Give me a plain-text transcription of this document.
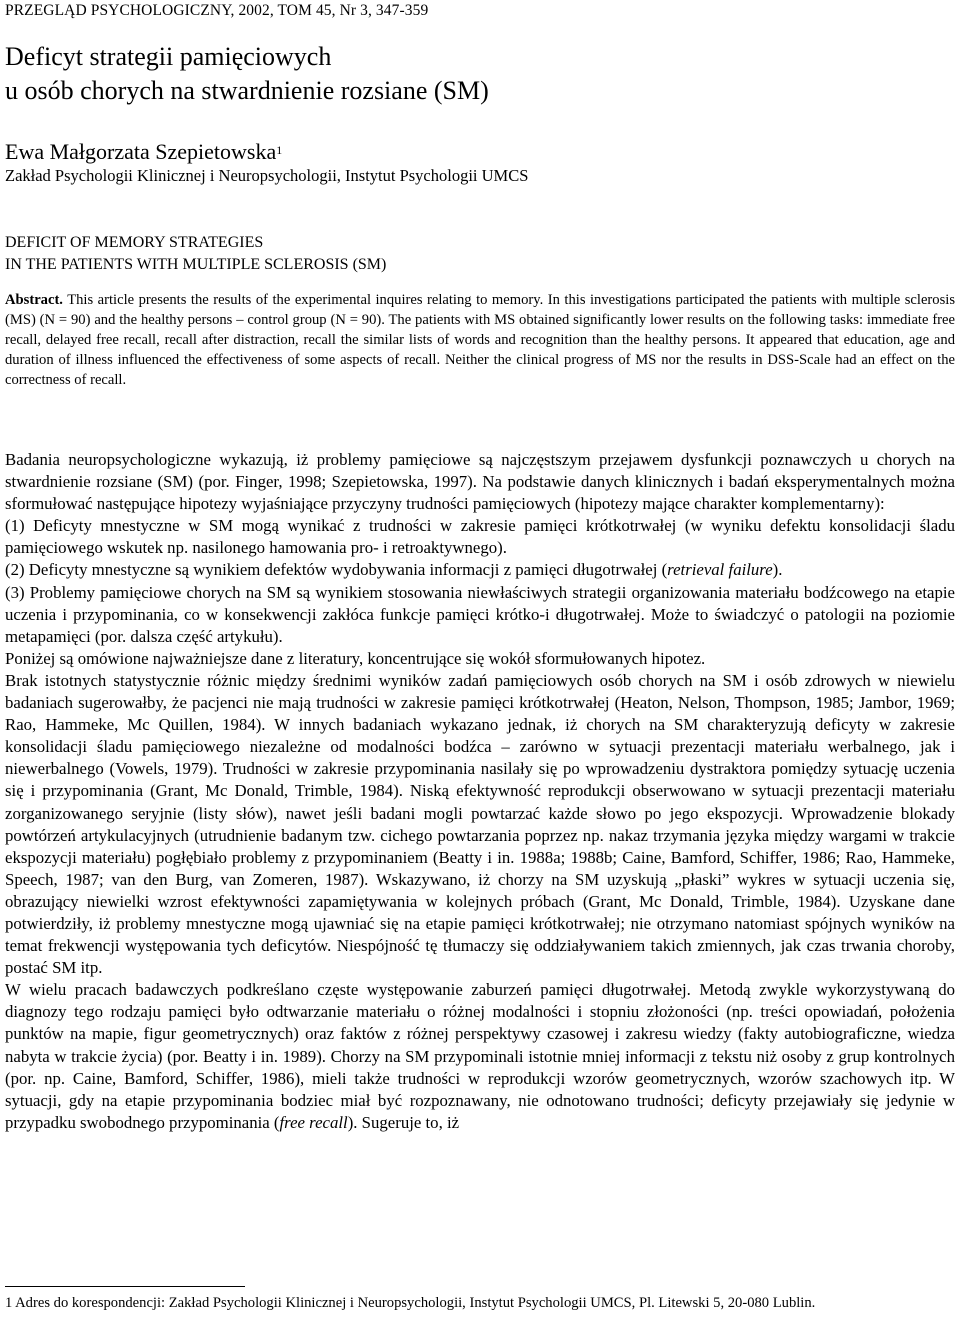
PRZEGLĄD PSYCHOLOGICZNY, 2002, TOM 45, Nr 3, 347-359
Deficyt strategii pamięciowych
u osób chorych na stwardnienie rozsiane (SM)
Ewa Małgorzata Szepietowska$^1$
Zakład Psychologii Klinicznej i Neuropsychologii, Instytut Psychologii UMCS
DEFICIT OF MEMORY STRATEGIES
IN THE PATIENTS WITH MULTIPLE SCLEROSIS (SM)
Abstract. This article presents the results of the experimental inquires relating to memory. In this investigations participated the patients with multiple sclerosis (MS) (N = 90) and the healthy persons – control group (N = 90). The patients with MS obtained significantly lower results on the following tasks: immediate free recall, delayed free recall, recall after distraction, recall the similar lists of words and recognition than the healthy persons. It appeared that education, age and duration of illness influenced the effectiveness of some aspects of recall. Neither the clinical progress of MS nor the results in DSS-Scale had an effect on the correctness of recall.

Badania neuropsychologiczne wykazują, iż problemy pamięciowe są najczęstszym przejawem dysfunkcji poznawczych u chorych na stwardnienie rozsiane (SM) (por. Finger, 1998; Szepietowska, 1997). Na podstawie danych klinicznych i badań eksperymentalnych można sformułować następujące hipotezy wyjaśniające przyczyny trudności pamięciowych (hipotezy mające charakter komplementarny):

(1) Deficyty mnestyczne w SM mogą wynikać z trudności w zakresie pamięci krótkotrwałej (w wyniku defektu konsolidacji śladu pamięciowego wskutek np. nasilonego hamowania pro- i retroaktywnego).

(2) Deficyty mnestyczne są wynikiem defektów wydobywania informacji z pamięci długotrwałej (retrieval failure).

(3) Problemy pamięciowe chorych na SM są wynikiem stosowania niewłaściwych strategii organizowania materiału bodźcowego na etapie uczenia i przypominania, co w konsekwencji zakłóca funkcje pamięci krótko-i długotrwałej. Może to świadczyć o patologii na poziomie metapamięci (por. dalsza część artykułu).

Poniżej są omówione najważniejsze dane z literatury, koncentrujące się wokół sformułowanych hipotez.

Brak istotnych statystycznie różnic między średnimi wyników zadań pamięciowych osób chorych na SM i osób zdrowych w niewielu badaniach sugerowałby, że pacjenci nie mają trudności w zakresie pamięci krótkotrwałej (Heaton, Nelson, Thompson, 1985; Jambor, 1969; Rao, Hammeke, Mc Quillen, 1984). W innych badaniach wykazano jednak, iż chorych na SM charakteryzują deficyty w zakresie konsolidacji śladu pamięciowego niezależne od modalności bodźca – zarówno w sytuacji prezentacji materiału werbalnego, jak i niewerbalnego (Vowels, 1979). Trudności w zakresie przypominania nasilały się po wprowadzeniu dystraktora pomiędzy sytuację uczenia się i przypominania (Grant, Mc Donald, Trimble, 1984). Niską efektywność reprodukcji obserwowano w sytuacji prezentacji materiału zorganizowanego seryjnie (listy słów), nawet jeśli badani mogli powtarzać każde słowo po jego ekspozycji. Wprowadzenie blokady powtórzeń artykulacyjnych (utrudnienie badanym tzw. cichego powtarzania poprzez np. nakaz trzymania języka między wargami w trakcie ekspozycji materiału) pogłębiało problemy z przypominaniem (Beatty i in. 1988a; 1988b; Caine, Bamford, Schiffer, 1986; Rao, Hammeke, Speech, 1987; van den Burg, van Zomeren, 1987). Wskazywano, iż chorzy na SM uzyskują „płaski” wykres w sytuacji uczenia się, obrazujący niewielki wzrost efektywności zapamiętywania w kolejnych próbach (Grant, Mc Donald, Trimble, 1984). Uzyskane dane potwierdziły, iż problemy mnestyczne mogą ujawniać się na etapie pamięci krótkotrwałej; nie otrzymano natomiast spójnych wyników na temat frekwencji występowania tych deficytów. Niespójność tę tłumaczy się oddziaływaniem takich zmiennych, jak czas trwania choroby, postać SM itp.

W wielu pracach badawczych podkreślano częste występowanie zaburzeń pamięci długotrwałej. Metodą zwykle wykorzystywaną do diagnozy tego rodzaju pamięci było odtwarzanie materiału o różnej modalności i stopniu złożoności (np. treści opowiadań, położenia punktów na mapie, figur geometrycznych) oraz faktów z różnej perspektywy czasowej i zakresu wiedzy (fakty autobiograficzne, wiedza nabyta w trakcie życia) (por. Beatty i in. 1989). Chorzy na SM przypominali istotnie mniej informacji z tekstu niż osoby z grup kontrolnych (por. np. Caine, Bamford, Schiffer, 1986), mieli także trudności w reprodukcji wzorów geometrycznych, wzorów szachowych itp. W sytuacji, gdy na etapie przypominania bodziec miał być rozpoznawany, nie odnotowano trudności; deficyty przejawiały się jedynie w przypadku swobodnego przypominania (free recall). Sugeruje to, iż

1 Adres do korespondencji: Zakład Psychologii Klinicznej i Neuropsychologii, Instytut Psychologii UMCS, Pl. Litewski 5, 20-080 Lublin.
